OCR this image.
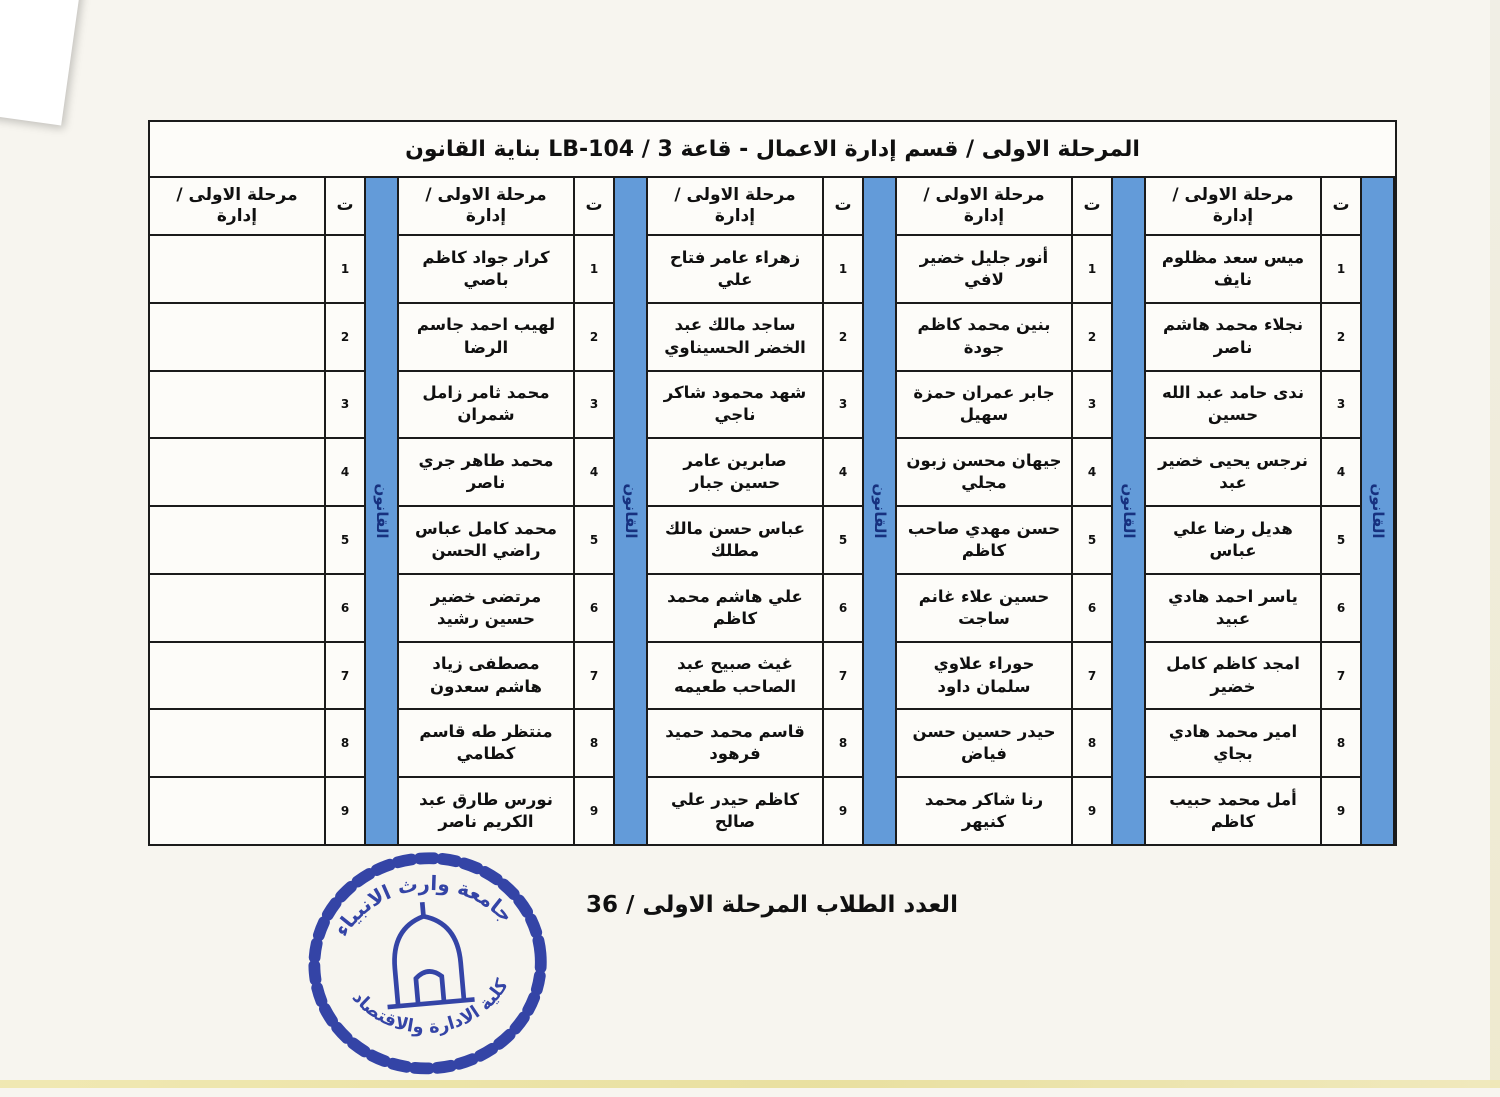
المرحلة الاولى / قسم إدارة الاعمال - قاعة 3 / LB-104 بناية القانون
القانون
ت
1
2
3
4
5
6
7
8
9
مرحلة الاولى / إدارة
ميس سعد مظلوم نايف
نجلاء محمد هاشم ناصر
ندى حامد عبد الله حسين
نرجس يحيى خضير عبد
هديل رضا علي عباس
ياسر احمد هادي عبيد
امجد كاظم كامل خضير
امير محمد هادي بجاي
أمل محمد حبيب كاظم
القانون
ت
1
2
3
4
5
6
7
8
9
مرحلة الاولى / إدارة
أنور جليل خضير لافي
بنين محمد كاظم جودة
جابر عمران حمزة سهيل
جيهان محسن زبون مجلي
حسن مهدي صاحب كاظم
حسين علاء غانم ساجت
حوراء علاوي سلمان داود
حيدر حسين حسن فياض
رنا شاكر محمد كنيهر
القانون
ت
1
2
3
4
5
6
7
8
9
مرحلة الاولى / إدارة
زهراء عامر فتاح علي
ساجد مالك عبد الخضر الحسيناوي
شهد محمود شاكر ناجي
صابرين عامر حسين جبار
عباس حسن مالك مطلك
علي هاشم محمد كاظم
غيث صبيح عبد الصاحب طعيمه
قاسم محمد حميد فرهود
كاظم حيدر علي صالح
القانون
ت
1
2
3
4
5
6
7
8
9
مرحلة الاولى / إدارة
كرار جواد كاظم باصي
لهيب احمد جاسم الرضا
محمد ثامر زامل شمران
محمد طاهر جري ناصر
محمد كامل عباس راضي الحسن
مرتضى خضير حسين رشيد
مصطفى زياد هاشم سعدون
منتظر طه قاسم كطامي
نورس طارق عبد الكريم ناصر
القانون
ت
1
2
3
4
5
6
7
8
9
مرحلة الاولى / إدارة
العدد الطلاب المرحلة الاولى / 36
جامعة وارث الانبياء
كلية الادارة والاقتصاد
